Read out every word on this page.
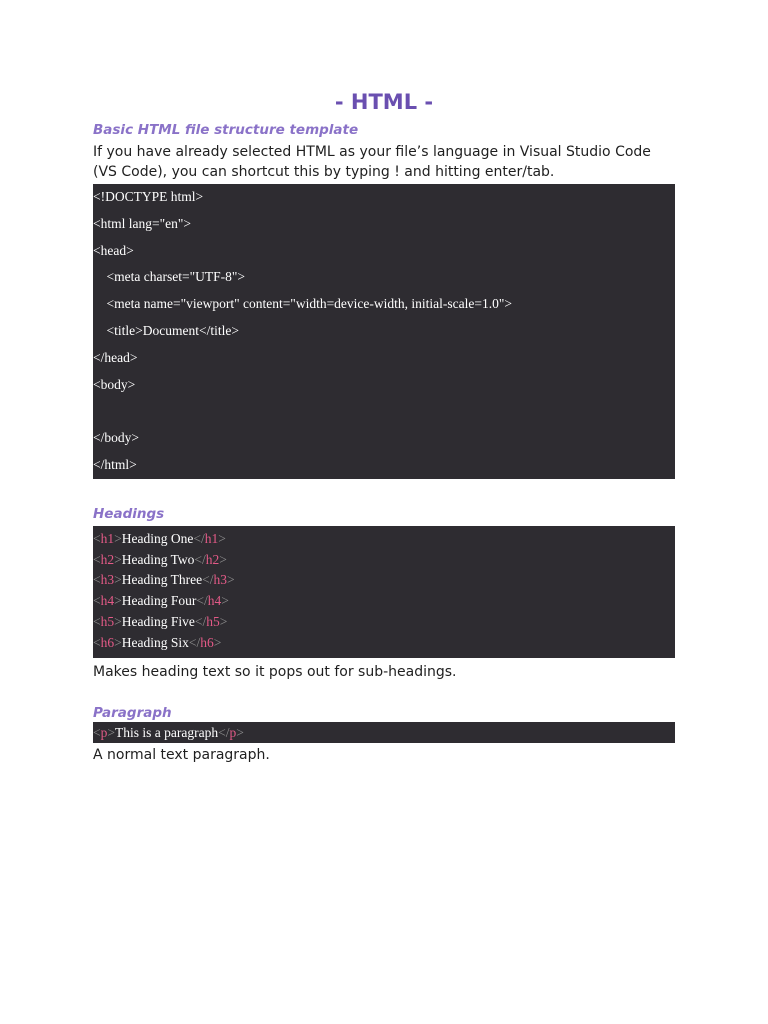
- HTML -

Basic HTML file structure template

If you have already selected HTML as your file’s language in Visual Studio Code (VS Code), you can shortcut this by typing ! and hitting enter/tab.

<!DOCTYPE html>
<html lang="en">
<head>
<meta charset="UTF-8">
<meta name="viewport" content="width=device-width, initial-scale=1.0">
<title>Document</title>
</head>
<body>
</body>
</html>

Headings

<h1>Heading One</h1>
<h2>Heading Two</h2>
<h3>Heading Three</h3>
<h4>Heading Four</h4>
<h5>Heading Five</h5>
<h6>Heading Six</h6>

Makes heading text so it pops out for sub-headings.

Paragraph

<p>This is a paragraph</p>

A normal text paragraph.
